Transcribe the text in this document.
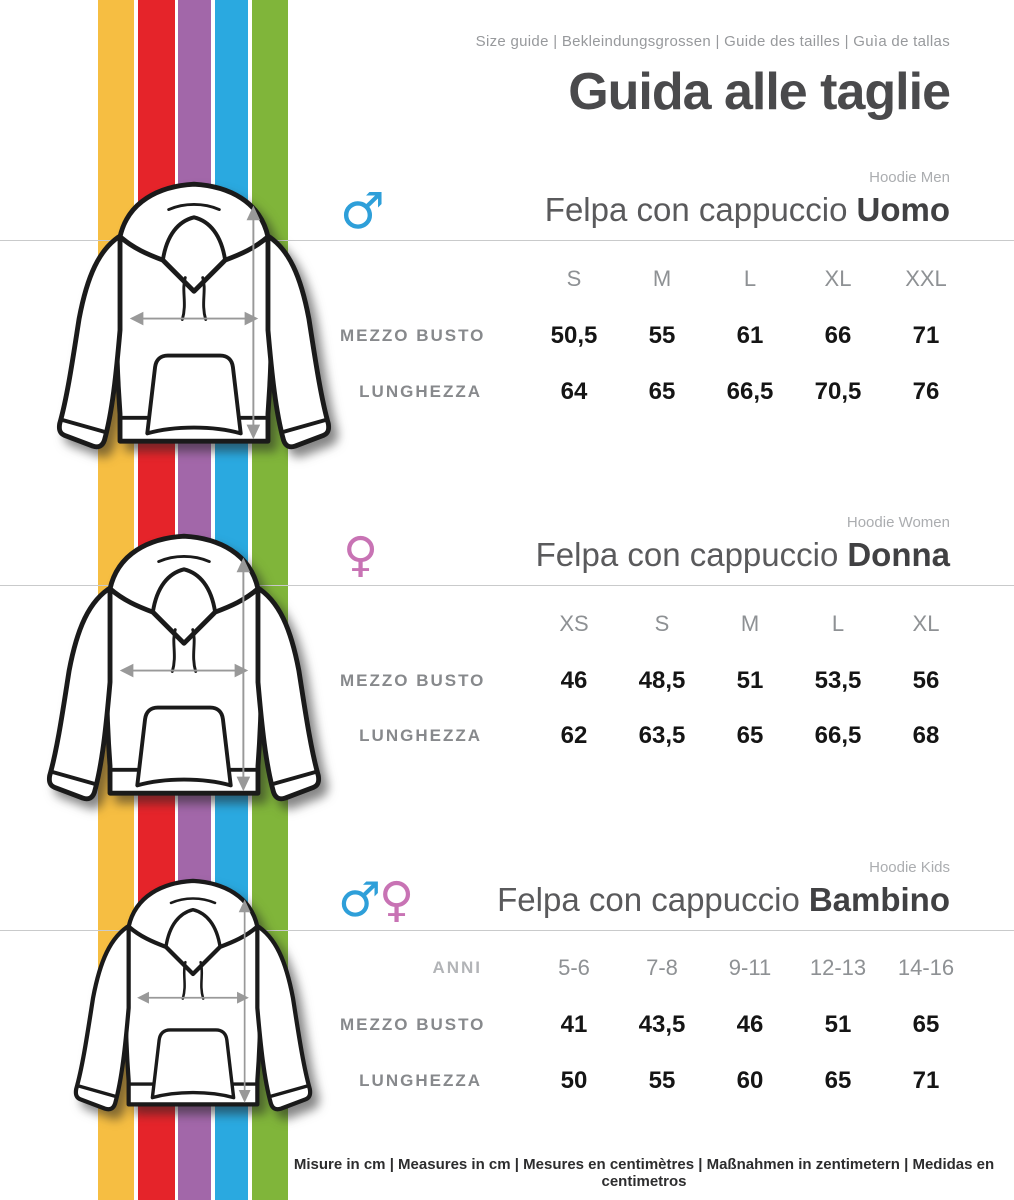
Size guide | Bekleindungsgrossen | Guide des tailles | Guìa de tallas
Guida alle taglie
Hoodie Men
♂	Felpa con cappuccio Uomo
S	M	L	XL	XXL
MEZZO BUSTO	50,5	55	61	66	71
LUNGHEZZA	64	65	66,5	70,5	76
Hoodie Women
♀	Felpa con cappuccio Donna
XS	S	M	L	XL
MEZZO BUSTO	46	48,5	51	53,5	56
LUNGHEZZA	62	63,5	65	66,5	68
Hoodie Kids
♂♀	Felpa con cappuccio Bambino
ANNI	5-6	7-8	9-11	12-13	14-16
MEZZO BUSTO	41	43,5	46	51	65
LUNGHEZZA	50	55	60	65	71
Misure in cm | Measures in cm | Mesures en centimètres | Maßnahmen in zentimetern | Medidas en centimetros
